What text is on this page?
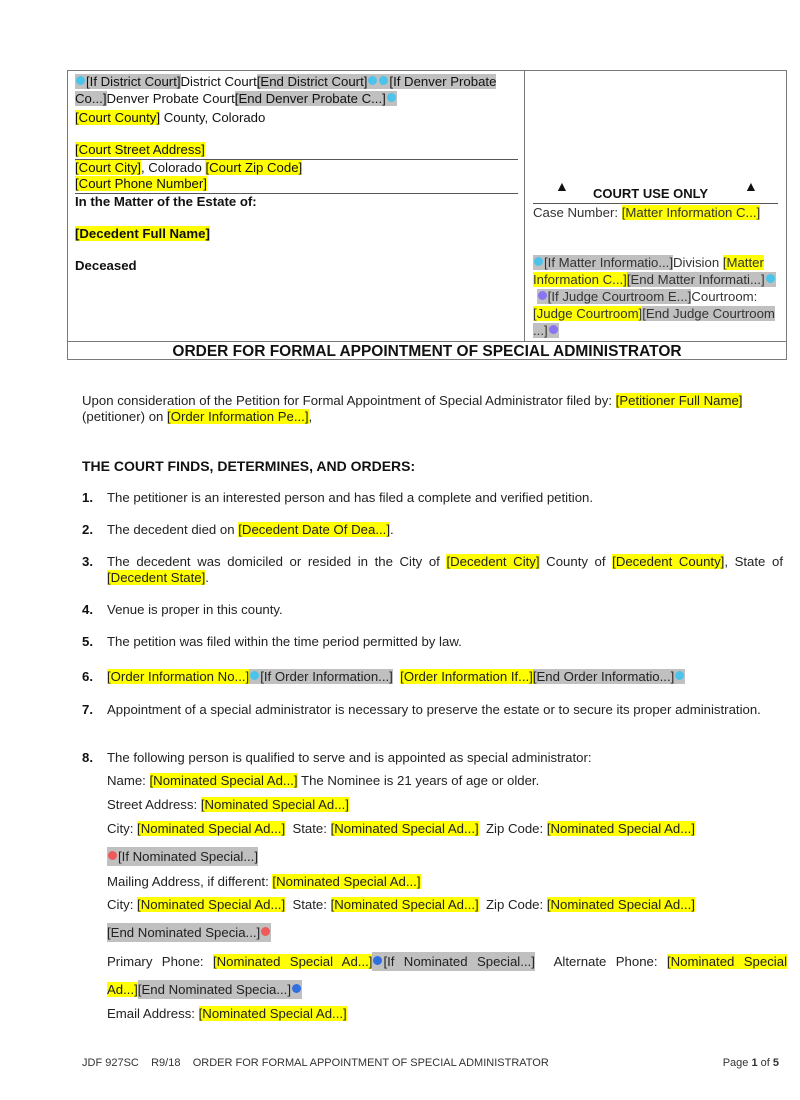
[If District Court]District Court[End District Court] [If Denver Probate Co...]Denver Probate Court[End Denver Probate C...]
[Court County] County, Colorado
[Court Street Address]
[Court City], Colorado [Court Zip Code]
[Court Phone Number]
In the Matter of the Estate of:
[Decedent Full Name]
Deceased
▲ COURT USE ONLY	▲
Case Number: [Matter Information C...]
[If Matter Informatio...]Division [Matter Information C...][End Matter Informati...]  [If Judge Courtroom E...]Courtroom: [Judge Courtroom][End Judge Courtroom ...]
ORDER FOR FORMAL APPOINTMENT OF SPECIAL ADMINISTRATOR
Upon consideration of the Petition for Formal Appointment of Special Administrator filed by: [Petitioner Full Name]
(petitioner) on [Order Information Pe...],
THE COURT FINDS, DETERMINES, AND ORDERS:
1. The petitioner is an interested person and has filed a complete and verified petition.
2. The decedent died on [Decedent Date Of Dea...].
3. The decedent was domiciled or resided in the City of [Decedent City] County of [Decedent County], State of [Decedent State].
4. Venue is proper in this county.
5. The petition was filed within the time period permitted by law.
6. [Order Information No...] [If Order Information...] [Order Information If...][End Order Informatio...]
7. Appointment of a special administrator is necessary to preserve the estate or to secure its proper administration.
8. The following person is qualified to serve and is appointed as special administrator:
Name: [Nominated Special Ad...] The Nominee is 21 years of age or older.
Street Address: [Nominated Special Ad...]
City: [Nominated Special Ad...] State: [Nominated Special Ad...] Zip Code: [Nominated Special Ad...]
[If Nominated Special...]
Mailing Address, if different: [Nominated Special Ad...]
City: [Nominated Special Ad...] State: [Nominated Special Ad...] Zip Code: [Nominated Special Ad...]
[End Nominated Specia...]
Primary Phone: [Nominated Special Ad...] [If Nominated Special...] Alternate Phone: [Nominated Special
Ad...][End Nominated Specia...]
Email Address: [Nominated Special Ad...]
JDF 927SC R9/18 ORDER FOR FORMAL APPOINTMENT OF SPECIAL ADMINISTRATOR	Page 1 of 5
